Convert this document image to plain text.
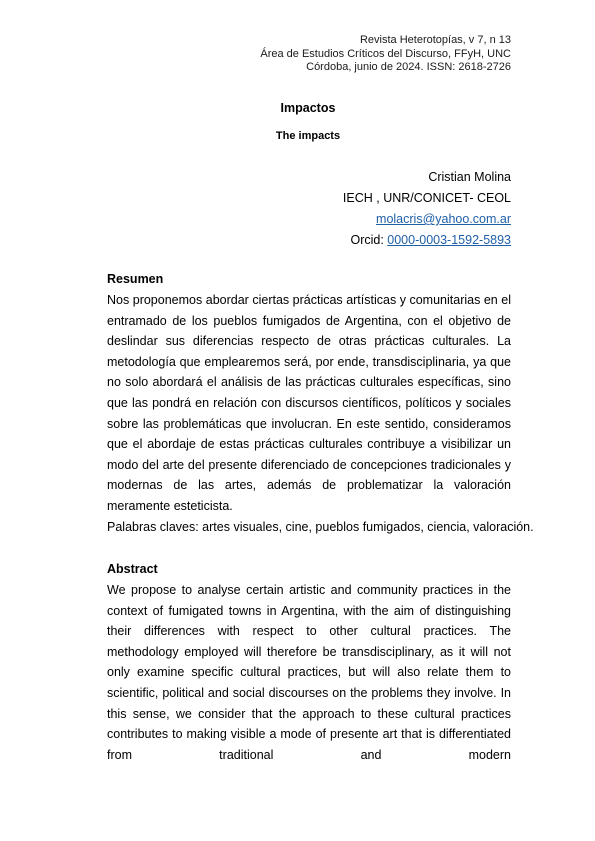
Revista Heterotopías, v 7, n 13
Área de Estudios Críticos del Discurso, FFyH, UNC
Córdoba, junio de 2024. ISSN: 2618-2726
Impactos
The impacts
Cristian Molina
IECH , UNR/CONICET- CEOL
molacris@yahoo.com.ar
Orcid: 0000-0003-1592-5893
Resumen

Nos proponemos abordar ciertas prácticas artísticas y comunitarias en el entramado de los pueblos fumigados de Argentina, con el objetivo de deslindar sus diferencias respecto de otras prácticas culturales. La metodología que emplearemos será, por ende, transdisciplinaria, ya que no solo abordará el análisis de las prácticas culturales específicas, sino que las pondrá en relación con discursos científicos, políticos y sociales sobre las problemáticas que involucran. En este sentido, consideramos que el abordaje de estas prácticas culturales contribuye a visibilizar un modo del arte del presente diferenciado de concepciones tradicionales y modernas de las artes, además de problematizar la valoración meramente esteticista.

Palabras claves: artes visuales, cine, pueblos fumigados, ciencia, valoración.
Abstract

We propose to analyse certain artistic and community practices in the context of fumigated towns in Argentina, with the aim of distinguishing their differences with respect to other cultural practices. The methodology employed will therefore be transdisciplinary, as it will not only examine specific cultural practices, but will also relate them to scientific, political and social discourses on the problems they involve. In this sense, we consider that the approach to these cultural practices contributes to making visible a mode of presente art that is differentiated from traditional and modern
